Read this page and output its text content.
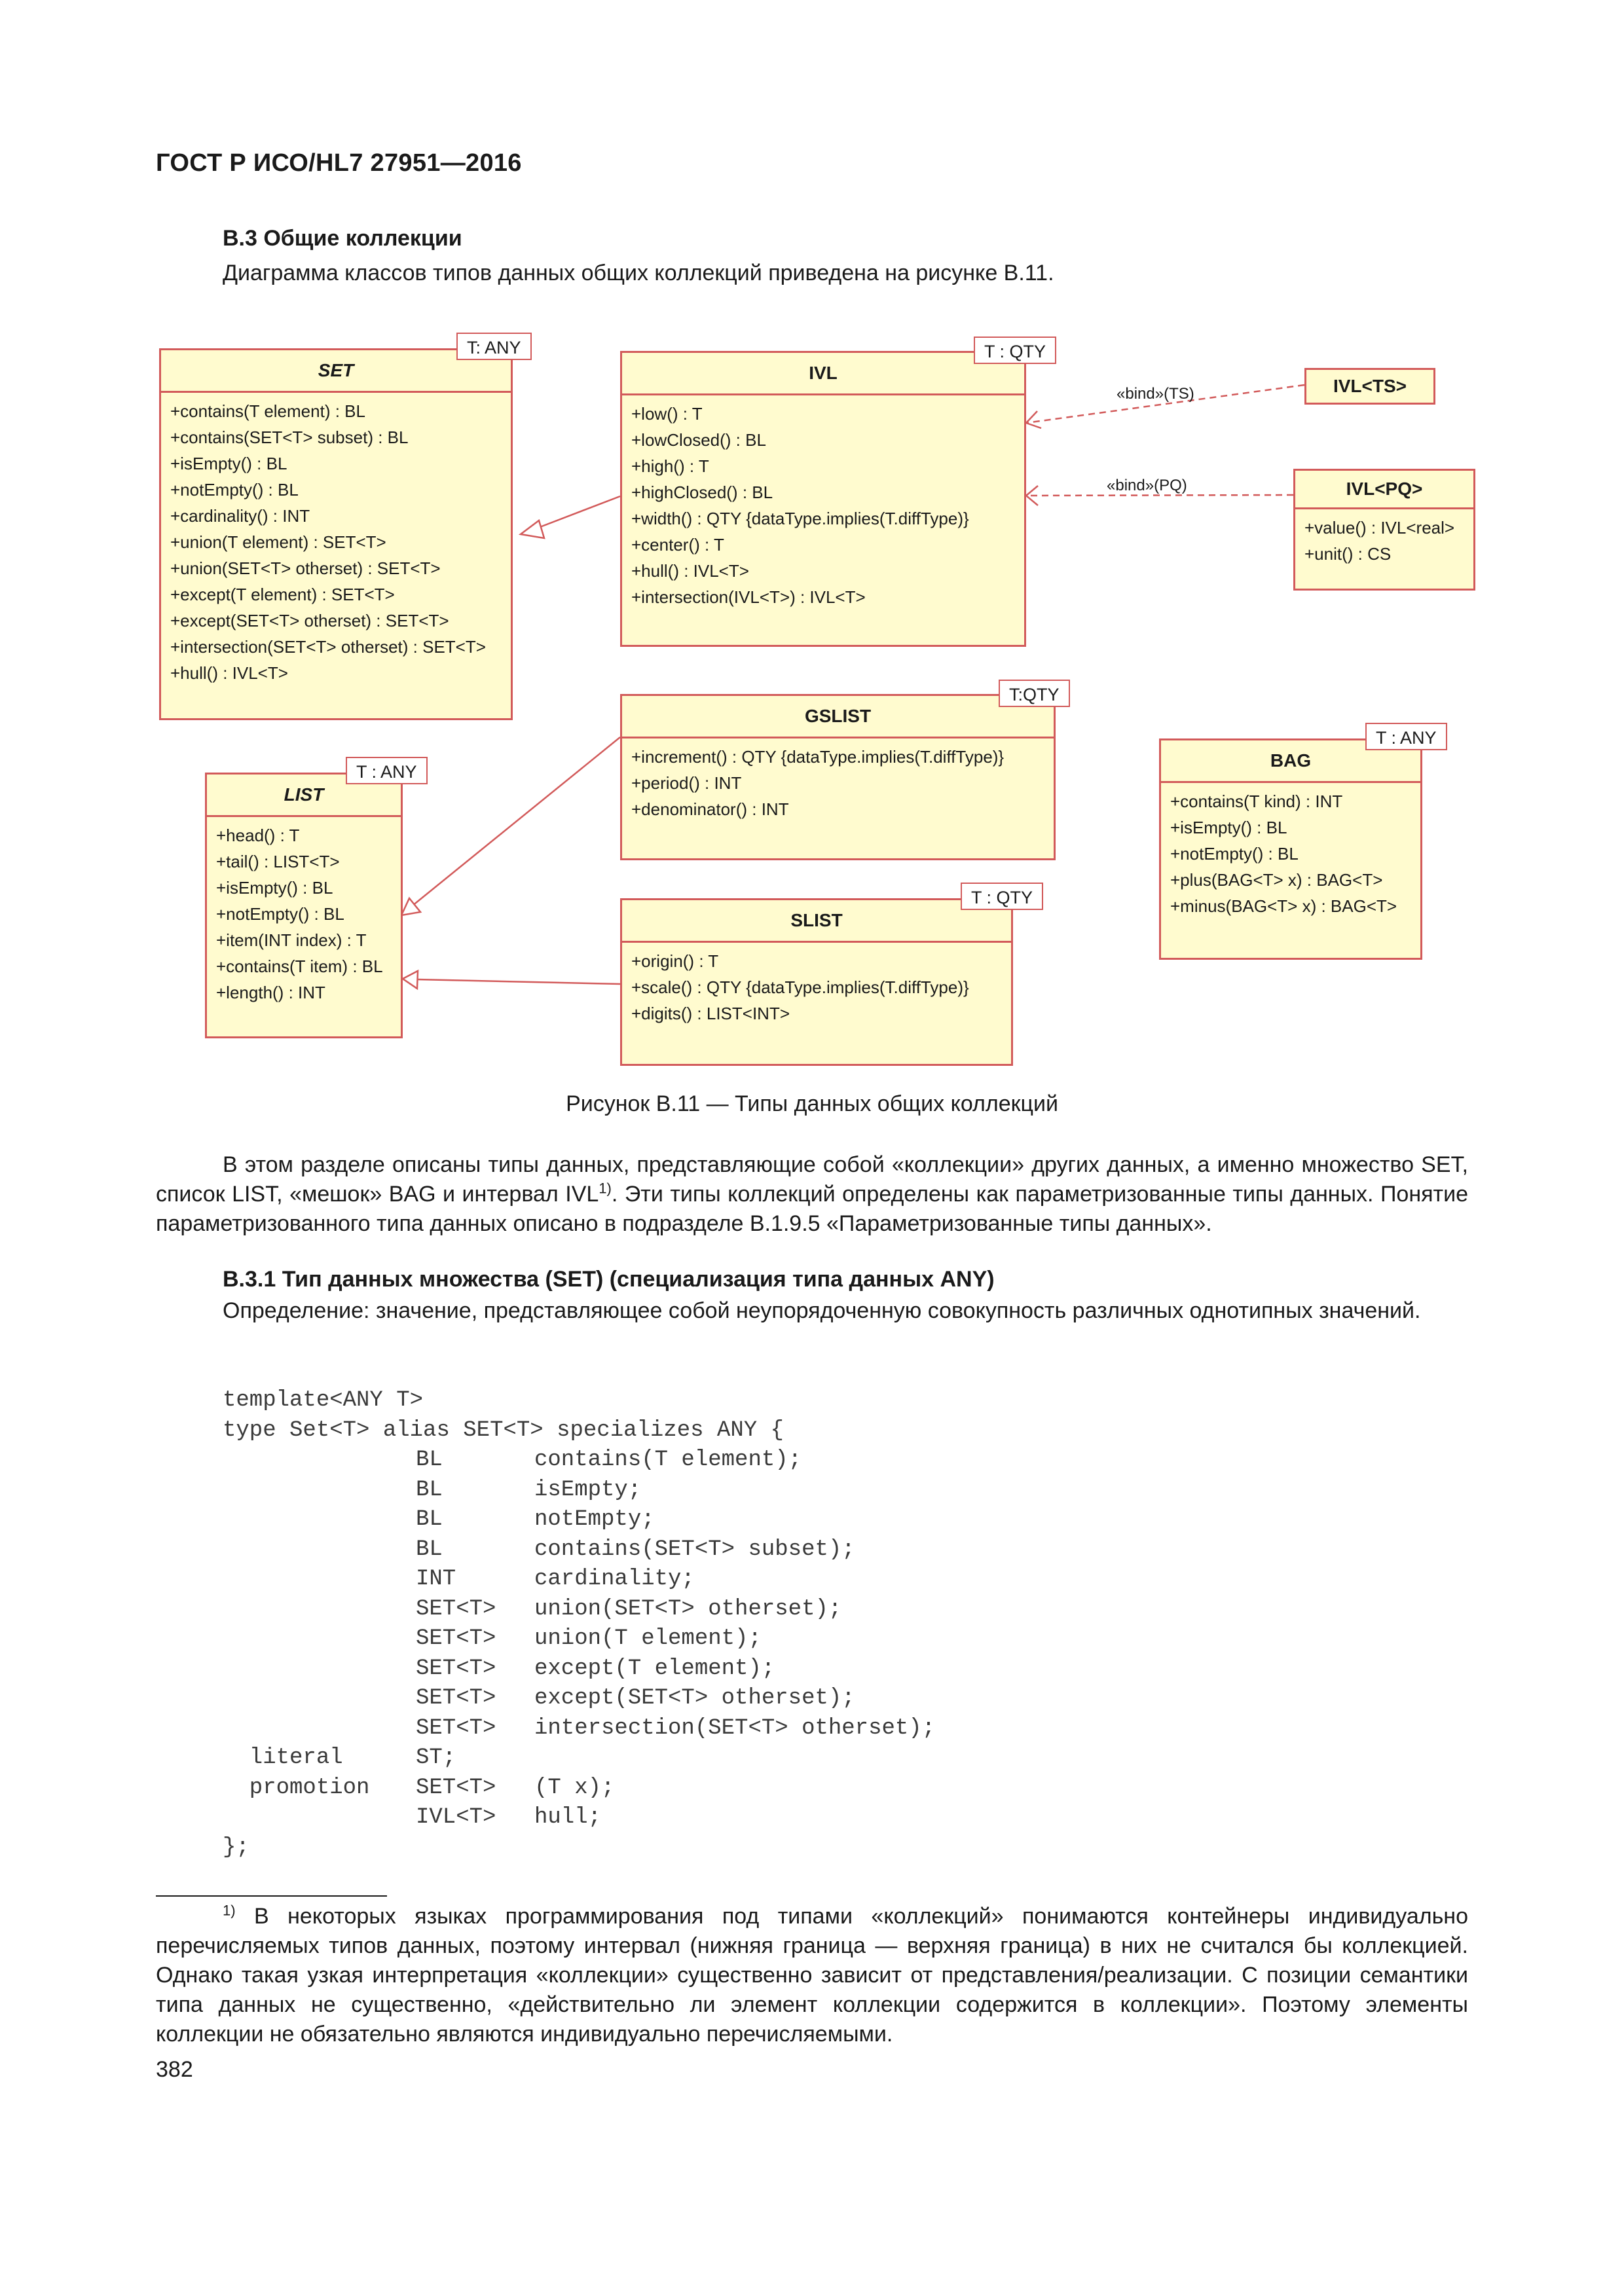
ГОСТ Р ИСО/HL7 27951—2016
B.3 Общие коллекции
Диаграмма классов типов данных общих коллекций приведена на рисунке B.11.
«bind»(TS)
«bind»(PQ)
SET
+contains(T element) : BL
+contains(SET<T> subset) : BL
+isEmpty() : BL
+notEmpty() : BL
+cardinality() : INT
+union(T element) : SET<T>
+union(SET<T> otherset) : SET<T>
+except(T element) : SET<T>
+except(SET<T> otherset) : SET<T>
+intersection(SET<T> otherset) : SET<T>
+hull() : IVL<T>
T: ANY
IVL
+low() : T
+lowClosed() : BL
+high() : T
+highClosed() : BL
+width() : QTY {dataType.implies(T.diffType)}
+center() : T
+hull() : IVL<T>
+intersection(IVL<T>) : IVL<T>
T : QTY
IVL<TS>
IVL<PQ>
+value() : IVL<real>
+unit() : CS
GSLIST
+increment() : QTY {dataType.implies(T.diffType)}
+period() : INT
+denominator() : INT
T:QTY
LIST
+head() : T
+tail() : LIST<T>
+isEmpty() : BL
+notEmpty() : BL
+item(INT index) : T
+contains(T item) : BL
+length() : INT
T : ANY
SLIST
+origin() : T
+scale() : QTY {dataType.implies(T.diffType)}
+digits() : LIST<INT>
T : QTY
BAG
+contains(T kind) : INT
+isEmpty() : BL
+notEmpty() : BL
+plus(BAG<T> x) : BAG<T>
+minus(BAG<T> x) : BAG<T>
T : ANY
Рисунок B.11 — Типы данных общих коллекций
В этом разделе описаны типы данных, представляющие собой «коллекции» других данных, а именно множество SET, список LIST, «мешок» BAG и интервал IVL$^{1)}$. Эти типы коллекций определены как параметризованные типы данных. Понятие параметризованного типа данных описано в подразделе B.1.9.5 «Параметризованные типы данных».
B.3.1 Тип данных множества (SET) (специализация типа данных ANY)
Определение: значение, представляющее собой неупорядоченную совокупность различных однотипных значений.
template<ANY T>
type Set<T> alias SET<T> specializes ANY {
BL	contains(T element);
BL	isEmpty;
BL	notEmpty;
BL	contains(SET<T> subset);
INT	cardinality;
SET<T> union(SET<T> otherset);
SET<T> union(T element);
SET<T> except(T element);
SET<T> except(SET<T> otherset);
SET<T> intersection(SET<T> otherset);
literal	ST;
promotion SET<T> (T x);
IVL<T> hull;
};
$^{1)}$ В некоторых языках программирования под типами «коллекций» понимаются контейнеры индивидуально перечисляемых типов данных, поэтому интервал (нижняя граница — верхняя граница) в них не считался бы коллекцией. Однако такая узкая интерпретация «коллекции» существенно зависит от представления/реализации. С позиции семантики типа данных не существенно, «действительно ли элемент коллекции содержится в коллекции». Поэтому элементы коллекции не обязательно являются индивидуально перечисляемыми.
382
